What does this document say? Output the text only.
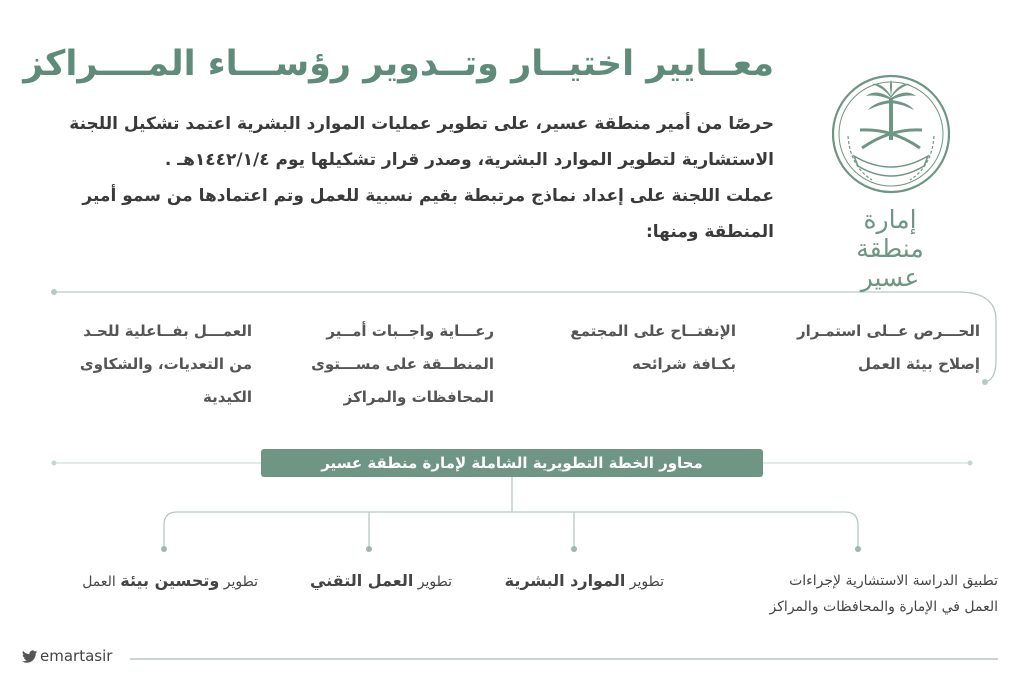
معــايير اختيــار وتــدوير رؤســـاء المــــراكز

حرصًا من أمير منطقة عسير، على تطوير عمليات الموارد البشرية اعتمد تشكيل اللجنة

الاستشارية لتطوير الموارد البشرية، وصدر قرار تشكيلها يوم ١٤٤٢/١/٤هـ .

عملت اللجنة على إعداد نماذج مرتبطة بقيم نسبية للعمل وتم اعتمادها من سمو أمير

المنطقة ومنها:	إمارة منطقة عسير
الحـــرص عــلى استمـرار
إصلاح بيئة العمل
الإنفتــاح على المجتمع
بكـافة شرائحه
رعـــاية واجــبات أمــير
المنطــقة على مســـتوى
المحافظات والمراكز
العمـــل بفــاعلية للحـد
من التعديات، والشكاوى
الكيدية
محاور الخطة التطويرية الشاملة لإمارة منطقة عسير
تطبيق الدراسة الاستشارية لإجراءات
العمل في الإمارة والمحافظات والمراكز
تطوير الموارد البشرية
تطوير العمل التقني
تطوير وتحسين بيئة العمل
emartasir
